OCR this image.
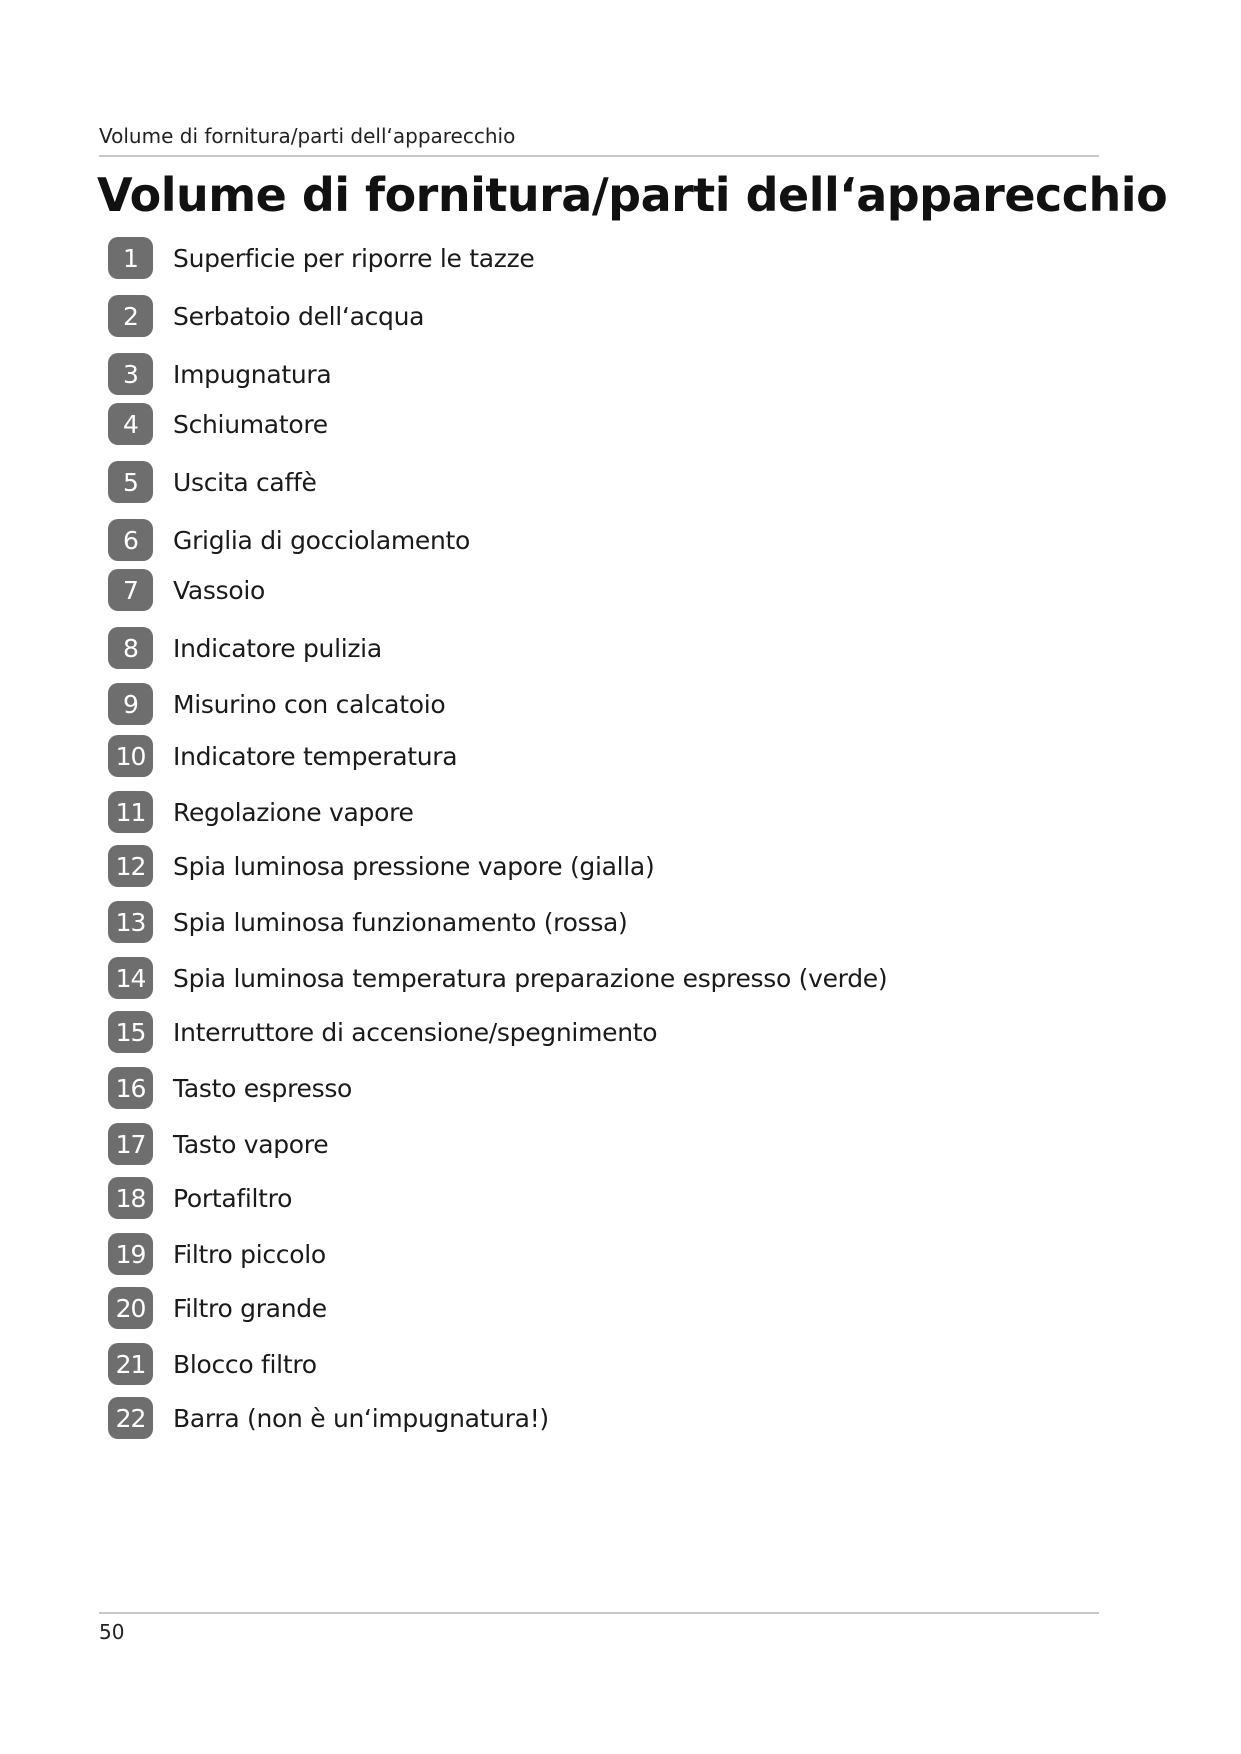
Volume di fornitura/parti dell‘apparecchio
Volume di fornitura/parti dell‘apparecchio
1	Superficie per riporre le tazze
2	Serbatoio dell‘acqua
3	Impugnatura
4	Schiumatore
5	Uscita caffè
6	Griglia di gocciolamento
7	Vassoio
8	Indicatore pulizia
9	Misurino con calcatoio
10	Indicatore temperatura
11	Regolazione vapore
12	Spia luminosa pressione vapore (gialla)
13	Spia luminosa funzionamento (rossa)
14	Spia luminosa temperatura preparazione espresso (verde)
15	Interruttore di accensione/spegnimento
16	Tasto espresso
17	Tasto vapore
18	Portafiltro
19	Filtro piccolo
20	Filtro grande
21	Blocco filtro
22	Barra (non è un‘impugnatura!)
50
